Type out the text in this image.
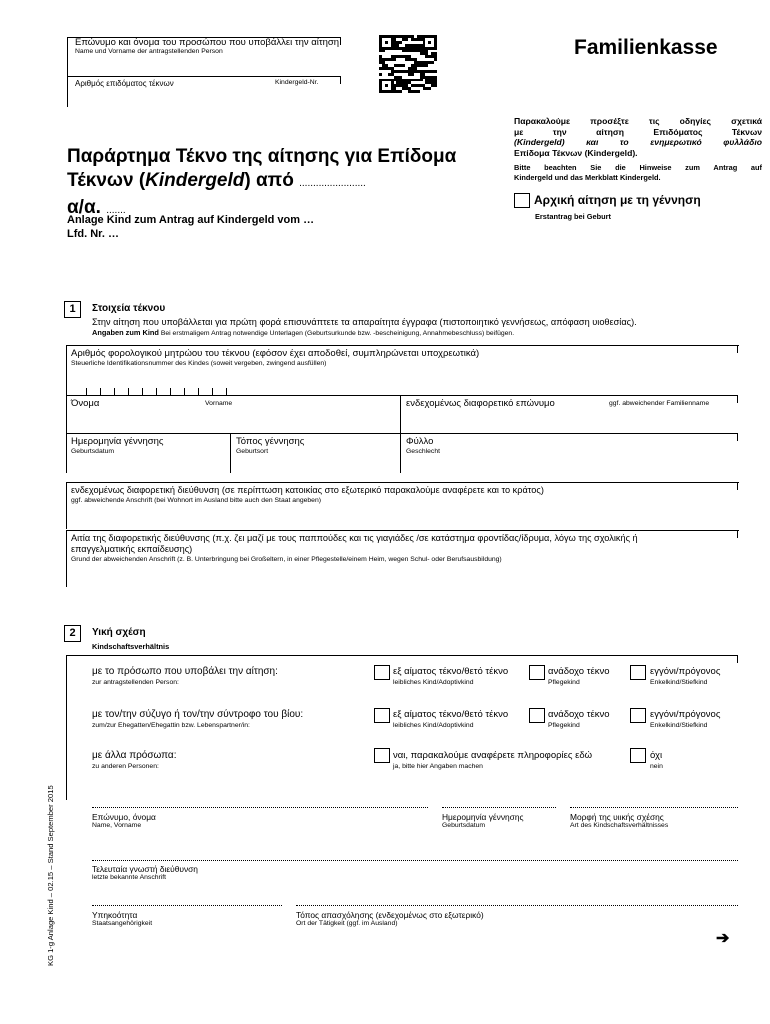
Επώνυμο και όνομα του προσώπου που υποβάλλει την αίτηση
Name und Vorname der antragstellenden Person
Αριθμός επιδόματος τέκνων	Kindergeld-Nr.
Familienkasse
Παρακαλούμε προσέξτε τις οδηγίες σχετικά
με την αίτηση Επιδόματος Τέκνων
(Kindergeld) και το ενημερωτικό φυλλάδιο
Επίδομα Τέκνων (Kindergeld).
Bitte beachten Sie die Hinweise zum Antrag auf
Kindergeld und das Merkblatt Kindergeld.
Παράρτημα Τέκνο της αίτησης για Επίδομα
Τέκνων (Kindergeld) από ........................
α/α. .......
Anlage Kind zum Antrag auf Kindergeld vom …
Lfd. Nr. …
Αρχική αίτηση με τη γέννηση
Erstantrag bei Geburt
1	Στοιχεία τέκνου
Στην αίτηση που υποβάλλεται για πρώτη φορά επισυνάπτετε τα απαραίτητα έγγραφα (πιστοποιητικό γεννήσεως, απόφαση υιοθεσίας).
Angaben zum Kind Bei erstmaligem Antrag notwendige Unterlagen (Geburtsurkunde bzw. -bescheinigung, Annahmebeschluss) beifügen.
Αριθμός φορολογικού μητρώου του τέκνου (εφόσον έχει αποδοθεί, συμπληρώνεται υποχρεωτικά)
Steuerliche Identifikationsnummer des Kindes (soweit vergeben, zwingend ausfüllen)
Όνομα	Vorname	ενδεχομένως διαφορετικό επώνυμο	ggf. abweichender Familienname
Ημερομηνία γέννησης
Geburtsdatum
Τόπος γέννησης
Geburtsort
Φύλλο
Geschlecht
ενδεχομένως διαφορετική διεύθυνση (σε περίπτωση κατοικίας στο εξωτερικό παρακαλούμε αναφέρετε και το κράτος)
ggf. abweichende Anschrift (bei Wohnort im Ausland bitte auch den Staat angeben)
Αιτία της διαφορετικής διεύθυνσης (π.χ. ζει μαζί με τους παππούδες και τις γιαγιάδες /σε κατάστημα φροντίδας/ίδρυμα, λόγω της σχολικής ή
επαγγελματικής εκπαίδευσης)
Grund der abweichenden Anschrift (z. B. Unterbringung bei Großeltern, in einer Pflegestelle/einem Heim, wegen Schul- oder Berufsausbildung)
2	Υική σχέση
Kindschaftsverhältnis
με το πρόσωπο που υποβάλει την αίτηση:
zur antragstellenden Person:
εξ αίματος τέκνο/θετό τέκνο
leibliches Kind/Adoptivkind
ανάδοχο τέκνο
Pflegekind
εγγόνι/πρόγονος
Enkelkind/Stiefkind
με τον/την σύζυγο ή τον/την σύντροφο του βίου:
zum/zur Ehegatten/Ehegattin bzw. Lebenspartner/in:
εξ αίματος τέκνο/θετό τέκνο
leibliches Kind/Adoptivkind
ανάδοχο τέκνο
Pflegekind
εγγόνι/πρόγονος
Enkelkind/Stiefkind
με άλλα πρόσωπα:
zu anderen Personen:
ναι, παρακαλούμε αναφέρετε πληροφορίες εδώ
ja, bitte hier Angaben machen
όχι
nein
Επώνυμο, όνομα
Name, Vorname
Ημερομηνία γέννησης
Geburtsdatum
Μορφή της υιικής σχέσης
Art des Kindschaftsverhältnisses
Τελευταία γνωστή διεύθυνση
letzte bekannte Anschrift
Υπηκοότητα
Staatsangehörigkeit
Τόπος απασχόλησης (ενδεχομένως στο εξωτερικό)
Ort der Tätigkeit (ggf. im Ausland)
KG 1-g Anlage Kind – 02.15 – Stand September 2015	➔
